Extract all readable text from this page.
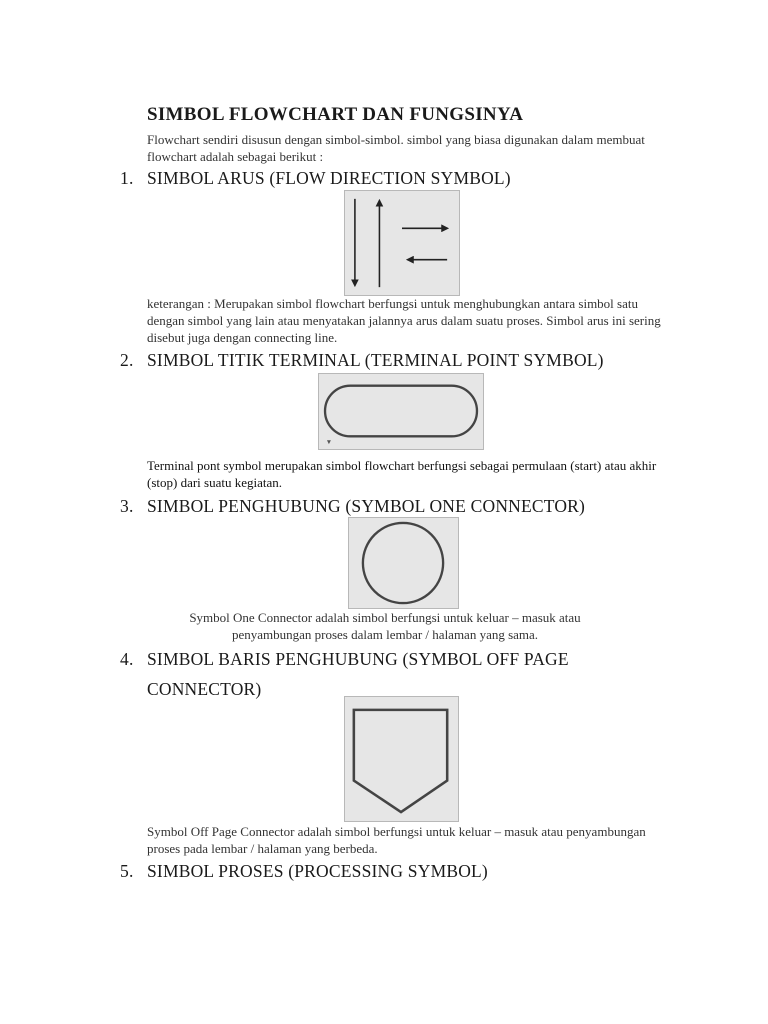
SIMBOL FLOWCHART DAN FUNGSINYA
Flowchart sendiri disusun dengan simbol-simbol. simbol yang biasa digunakan dalam membuat flowchart adalah sebagai berikut :
1. SIMBOL ARUS (FLOW DIRECTION SYMBOL)
keterangan : Merupakan simbol flowchart berfungsi untuk menghubungkan antara simbol satu dengan simbol yang lain atau menyatakan jalannya arus dalam suatu proses. Simbol arus ini sering disebut juga dengan connecting line.
2. SIMBOL TITIK TERMINAL (TERMINAL POINT SYMBOL)
Terminal pont symbol merupakan simbol flowchart berfungsi sebagai permulaan (start) atau akhir (stop) dari suatu kegiatan.
3. SIMBOL PENGHUBUNG (SYMBOL ONE CONNECTOR)
Symbol One Connector adalah simbol berfungsi untuk keluar – masuk atau
penyambungan proses dalam lembar / halaman yang sama.
4. SIMBOL BARIS PENGHUBUNG (SYMBOL OFF PAGE
CONNECTOR)
Symbol Off Page Connector adalah simbol berfungsi untuk keluar – masuk atau penyambungan proses pada lembar / halaman yang berbeda.
5. SIMBOL PROSES (PROCESSING SYMBOL)
